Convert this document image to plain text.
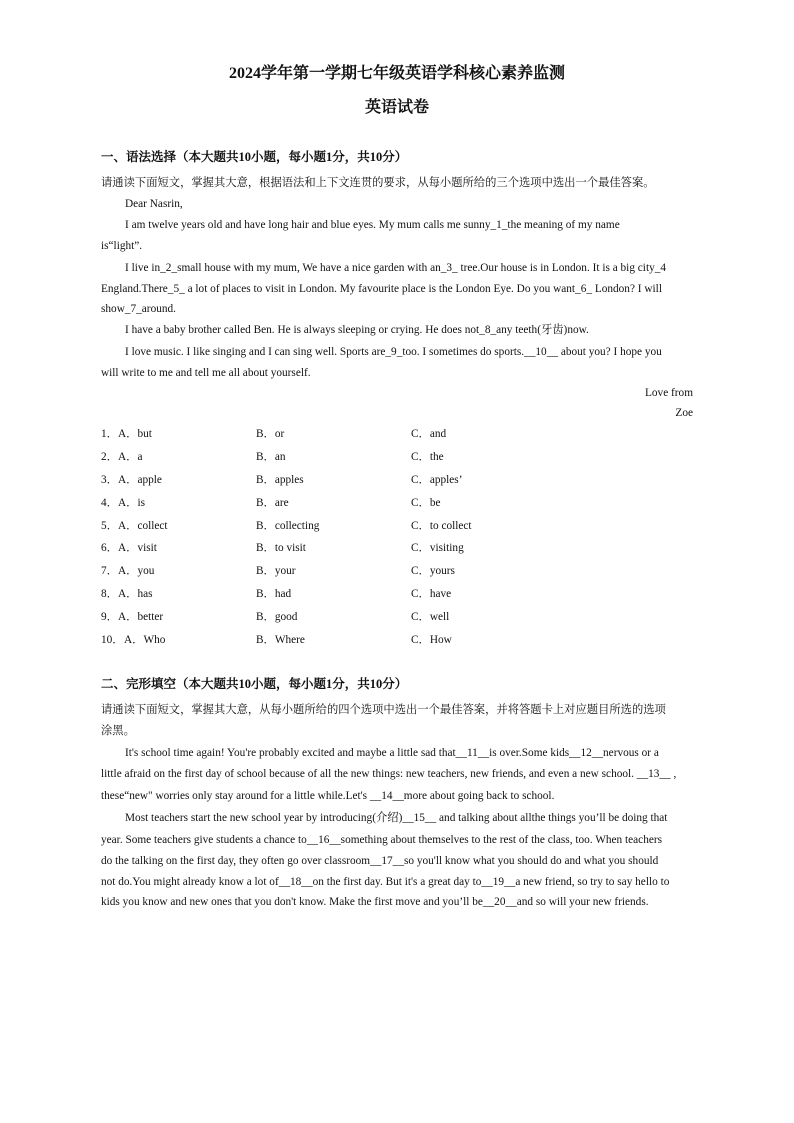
2024学年第一学期七年级英语学科核心素养监测
英语试卷
一、语法选择（本大题共10小题，每小题1分，共10分）
请通读下面短文，掌握其大意，根据语法和上下文连贯的要求，从每小题所给的三个选项中选出一个最佳答案。
Dear Nasrin,
I am twelve years old and have long hair and blue eyes. My mum calls me sunny_1_the meaning of my name
is“light”.
I live in_2_small house with my mum, We have a nice garden with an_3_ tree.Our house is in London. It is a big city_4
England.There_5_ a lot of places to visit in London. My favourite place is the London Eye. Do you want_6_ London? I will
show_7_around.
I have a baby brother called Ben. He is always sleeping or crying. He does not_8_any teeth(牙齿)now.
I love music. I like singing and I can sing well. Sports are_9_too. I sometimes do sports.__10__ about you? I hope you
will write to me and tell me all about yourself.
Love from
Zoe
1． A．but	B．or	C．and
2． A．a	B．an	C．the
3． A．apple	B．apples	C．apples’
4． A．is	B．are	C．be
5． A．collect	B．collecting	C．to collect
6． A．visit	B．to visit	C．visiting
7． A．you	B．your	C．yours
8． A．has	B．had	C．have
9． A．better	B．good	C．well
10． A．Who	B．Where	C．How
二、完形填空（本大题共10小题，每小题1分，共10分）
请通读下面短文，掌握其大意，从每小题所给的四个选项中选出一个最佳答案，并将答题卡上对应题目所选的选项
涂黑。
It's school time again! You're probably excited and maybe a little sad that__11__is over.Some kids__12__nervous or a
little afraid on the first day of school because of all the new things: new teachers, new friends, and even a new school. __13__ ,
these“new" worries only stay around for a little while.Let's __14__more about going back to school.
Most teachers start the new school year by introducing(介绍)__15__ and talking about allthe things you’ll be doing that
year. Some teachers give students a chance to__16__something about themselves to the rest of the class, too. When teachers
do the talking on the first day, they often go over classroom__17__so you'll know what you should do and what you should
not do.You might already know a lot of__18__on the first day. But it's a great day to__19__a new friend, so try to say hello to
kids you know and new ones that you don't know. Make the first move and you’ll be__20__and so will your new friends.
